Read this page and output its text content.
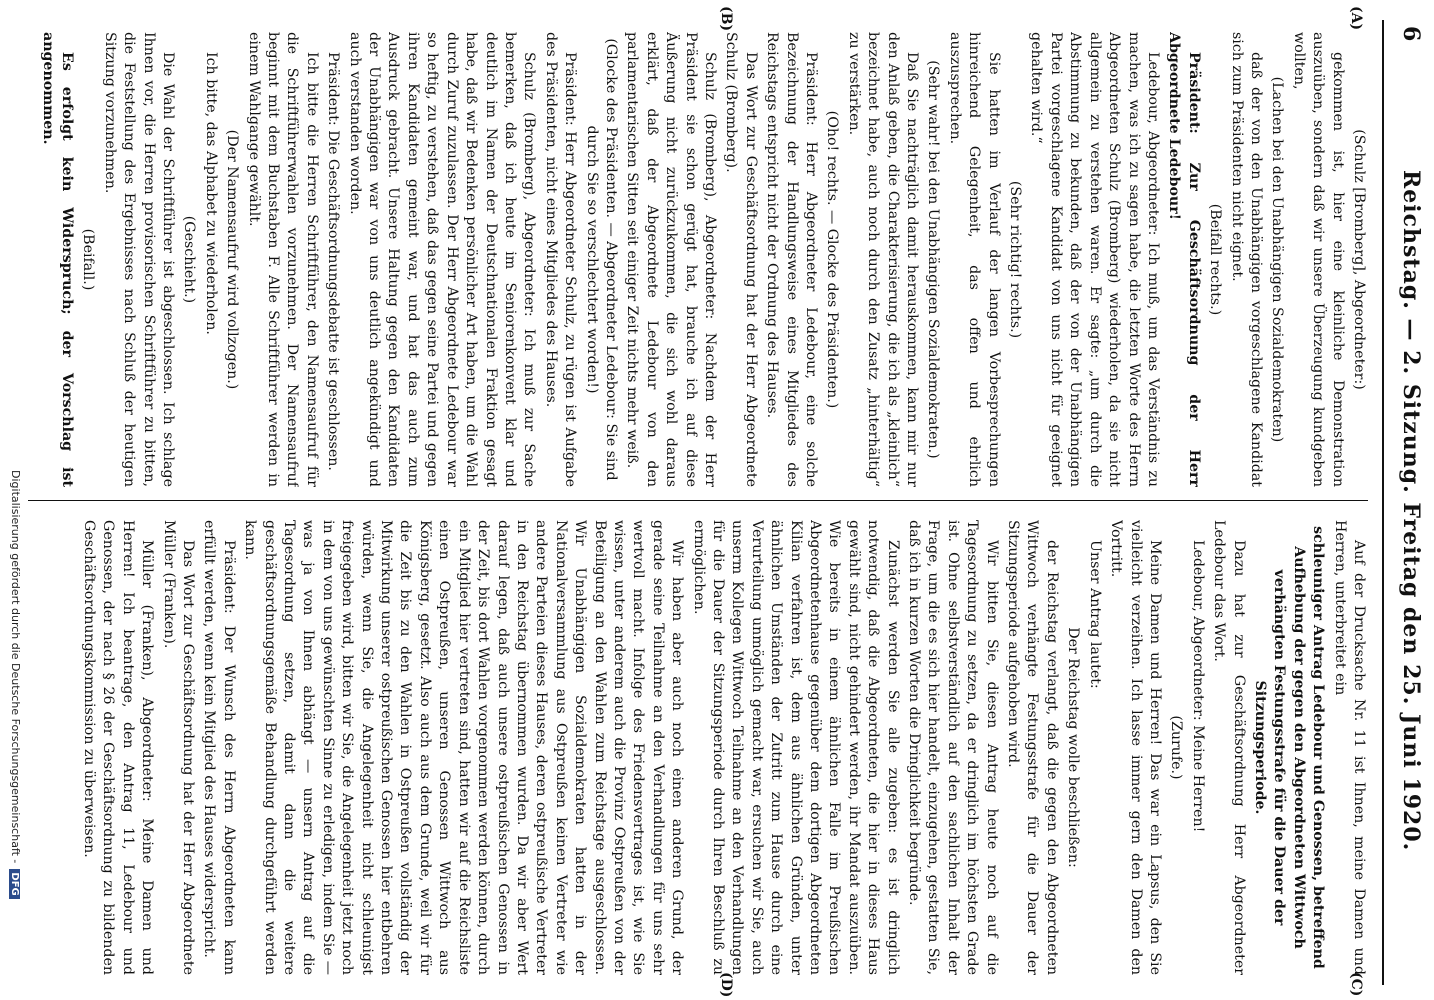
6
Reichstag. — 2. Sitzung. Freitag den 25. Juni 1920.
(A)
(B)
(C)
(D)

(Schulz [Bromberg], Abgeordneter:)

gekommen ist, hier eine kleinliche Demonstration auszuüben, sondern daß wir unsere Überzeugung kundgeben wollten,

(Lachen bei den Unabhängigen Sozialdemokraten)

daß der von den Unabhängigen vorgeschlagene Kandidat sich zum Präsidenten nicht eignet.

(Beifall rechts.)

Präsident: Zur Geschäftsordnung der Herr Abgeordnete Ledebour!

Ledebour, Abgeordneter: Ich muß, um das Verständnis zu machen, was ich zu sagen habe, die letzten Worte des Herrn Abgeordneten Schulz (Bromberg) wiederholen, da sie nicht allgemein zu verstehen waren. Er sagte: „um durch die Abstimmung zu bekunden, daß der von der Unabhängigen Partei vorgeschlagene Kandidat von uns nicht für geeignet gehalten wird.“

(Sehr richtig! rechts.)

Sie hatten im Verlauf der langen Vorbesprechungen hinreichend Gelegenheit, das offen und ehrlich auszusprechen.

(Sehr wahr! bei den Unabhängigen Sozialdemokraten.)

Daß Sie nachträglich damit herauskommen, kann mir nur den Anlaß geben, die Charakterisierung, die ich als „kleinlich“ bezeichnet habe, auch noch durch den Zusatz „hinterhältig“ zu verstärken.

(Oho! rechts. — Glocke des Präsidenten.)

Präsident: Herr Abgeordneter Ledebour, eine solche Bezeichnung der Handlungsweise eines Mitgliedes des Reichstags entspricht nicht der Ordnung des Hauses.

Das Wort zur Geschäftsordnung hat der Herr Abgeordnete Schulz (Bromberg).

Schulz (Bromberg), Abgeordneter: Nachdem der Herr Präsident sie schon gerügt hat, brauche ich auf diese Äußerung nicht zurückzukommen, die sich wohl daraus erklärt, daß der Abgeordnete Ledebour von den parlamentarischen Sitten seit einiger Zeit nichts mehr weiß.

(Glocke des Präsidenten. — Abgeordneter Ledebour: Sie sind durch Sie so verschlechtert worden!)

Präsident: Herr Abgeordneter Schulz, zu rügen ist Aufgabe des Präsidenten, nicht eines Mitgliedes des Hauses.

Schulz (Bromberg), Abgeordneter: Ich muß zur Sache bemerken, daß ich heute im Seniorenkonvent klar und deutlich im Namen der Deutschnationalen Fraktion gesagt habe, daß wir Bedenken persönlicher Art haben, um die Wahl durch Zuruf zuzulassen. Der Herr Abgeordnete Ledebour war so heftig, zu verstehen, daß das gegen seine Partei und gegen ihren Kandidaten gemeint war, und hat das auch zum Ausdruck gebracht. Unsere Haltung gegen den Kandidaten der Unabhängigen war von uns deutlich angekündigt und auch verstanden worden.

Präsident: Die Geschäftsordnungsdebatte ist geschlossen.

Ich bitte die Herren Schriftführer, den Namensaufruf für die Schriftführerwahlen vorzunehmen. Der Namensaufruf beginnt mit dem Buchstaben F. Alle Schriftführer werden in einem Wahlgange gewählt.

(Der Namensaufruf wird vollzogen.)

Ich bitte, das Alphabet zu wiederholen.

(Geschieht.)

Die Wahl der Schriftführer ist abgeschlossen. Ich schlage Ihnen vor, die Herren provisorischen Schriftführer zu bitten, die Feststellung des Ergebnisses nach Schluß der heutigen Sitzung vorzunehmen.

(Beifall.)

Es erfolgt kein Widerspruch; der Vorschlag ist angenommen.

Auf der Drucksache Nr. 11 ist Ihnen, meine Damen und Herren, unterbreitet ein

schleuniger Antrag Ledebour und Genossen, betreffend Aufhebung der gegen den Abgeordneten Wittwoch verhängten Festungsstrafe für die Dauer der Sitzungsperiode.

Dazu hat zur Geschäftsordnung Herr Abgeordneter Ledebour das Wort.

Ledebour, Abgeordneter: Meine Herren!

(Zurufe.)

Meine Damen und Herren! Das war ein Lapsus, den Sie vielleicht verzeihen. Ich lasse immer gern den Damen den Vortritt.

Unser Antrag lautet:

Der Reichstag wolle beschließen:

der Reichstag verlangt, daß die gegen den Abgeordneten Wittwoch verhängte Festungsstrafe für die Dauer der Sitzungsperiode aufgehoben wird.

Wir bitten Sie, diesen Antrag heute noch auf die Tagesordnung zu setzen, da er dringlich im höchsten Grade ist. Ohne selbstverständlich auf den sachlichen Inhalt der Frage, um die es sich hier handelt, einzugehen, gestatten Sie, daß ich in kurzen Worten die Dringlichkeit begründe.

Zunächst werden Sie alle zugeben: es ist dringlich notwendig, daß die Abgeordneten, die hier in dieses Haus gewählt sind, nicht gehindert werden, ihr Mandat auszuüben. Wie bereits in einem ähnlichen Falle im Preußischen Abgeordnetenhause gegenüber dem dortigen Abgeordneten Kilian verfahren ist, dem aus ähnlichen Gründen, unter ähnlichen Umständen der Zutritt zum Hause durch eine Verurteilung unmöglich gemacht war, ersuchen wir Sie, auch unserm Kollegen Wittwoch Teilnahme an den Verhandlungen für die Dauer der Sitzungsperiode durch Ihren Beschluß zu ermöglichen.

Wir haben aber auch noch einen anderen Grund, der gerade seine Teilnahme an den Verhandlungen für uns sehr wertvoll macht. Infolge des Friedensvertrages ist, wie Sie wissen, unter anderem auch die Provinz Ostpreußen von der Beteiligung an den Wahlen zum Reichstage ausgeschlossen. Wir Unabhängigen Sozialdemokraten hatten in der Nationalversammlung aus Ostpreußen keinen Vertreter wie andere Parteien dieses Hauses, deren ostpreußische Vertreter in den Reichstag übernommen wurden. Da wir aber Wert darauf legen, daß auch unsere ostpreußischen Genossen in der Zeit, bis dort Wahlen vorgenommen werden können, durch ein Mitglied hier vertreten sind, hatten wir auf die Reichsliste einen Ostpreußen, unseren Genossen Wittwoch aus Königsberg, gesetzt. Also auch aus dem Grunde, weil wir für die Zeit bis zu den Wahlen in Ostpreußen vollständig der Mitwirkung unserer ostpreußischen Genossen hier entbehren würden, wenn Sie, die Angelegenheit nicht schleunigst freigegeben wird, bitten wir Sie, die Angelegenheit jetzt noch in dem von uns gewünschten Sinne zu erledigen, indem Sie — was ja von Ihnen abhängt — unsern Antrag auf die Tagesordnung setzen, damit dann die weitere geschäftsordnungsgemäße Behandlung durchgeführt werden kann.

Präsident: Der Wunsch des Herrn Abgeordneten kann erfüllt werden, wenn kein Mitglied des Hauses widerspricht.

Das Wort zur Geschäftsordnung hat der Herr Abgeordnete Müller (Franken).

Müller (Franken), Abgeordneter: Meine Damen und Herren! Ich beantrage, den Antrag 11, Ledebour und Genossen, der nach § 26 der Geschäftsordnung zu bildenden Geschäftsordnungskommission zu überweisen.

Digitalisierung gefördert durch die Deutsche Forschungsgemeinschaft -DFG
